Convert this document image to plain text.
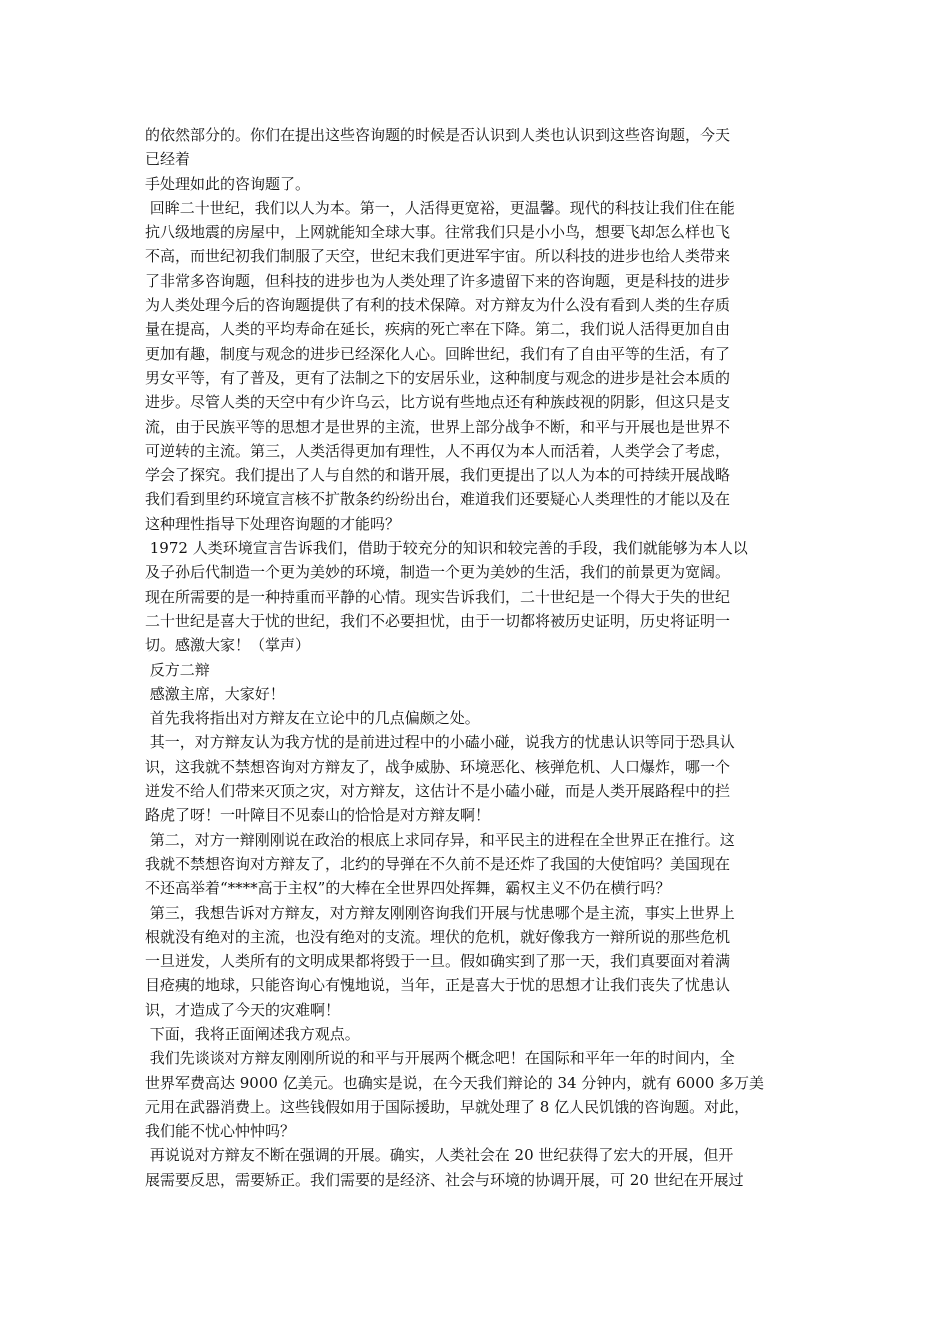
的依然部分的。你们在提出这些咨询题的时候是否认识到人类也认识到这些咨询题，今天
已经着
手处理如此的咨询题了。
回眸二十世纪，我们以人为本。第一，人活得更宽裕，更温馨。现代的科技让我们住在能
抗八级地震的房屋中，上网就能知全球大事。往常我们只是小小鸟，想要飞却怎么样也飞
不高，而世纪初我们制服了天空，世纪末我们更进军宇宙。所以科技的进步也给人类带来
了非常多咨询题，但科技的进步也为人类处理了许多遗留下来的咨询题，更是科技的进步
为人类处理今后的咨询题提供了有利的技术保障。对方辩友为什么没有看到人类的生存质
量在提高，人类的平均寿命在延长，疾病的死亡率在下降。第二，我们说人活得更加自由
更加有趣，制度与观念的进步已经深化人心。回眸世纪，我们有了自由平等的生活，有了
男女平等，有了普及，更有了法制之下的安居乐业，这种制度与观念的进步是社会本质的
进步。尽管人类的天空中有少许乌云，比方说有些地点还有种族歧视的阴影，但这只是支
流，由于民族平等的思想才是世界的主流，世界上部分战争不断，和平与开展也是世界不
可逆转的主流。第三，人类活得更加有理性，人不再仅为本人而活着，人类学会了考虑，
学会了探究。我们提出了人与自然的和谐开展，我们更提出了以人为本的可持续开展战略
我们看到里约环境宣言核不扩散条约纷纷出台，难道我们还要疑心人类理性的才能以及在
这种理性指导下处理咨询题的才能吗？
1972 人类环境宣言告诉我们，借助于较充分的知识和较完善的手段，我们就能够为本人以
及子孙后代制造一个更为美妙的环境，制造一个更为美妙的生活，我们的前景更为宽阔。
现在所需要的是一种持重而平静的心情。现实告诉我们，二十世纪是一个得大于失的世纪
二十世纪是喜大于忧的世纪，我们不必要担忧，由于一切都将被历史证明，历史将证明一
切。感激大家！（掌声）
反方二辩
感激主席，大家好！
首先我将指出对方辩友在立论中的几点偏颇之处。
其一，对方辩友认为我方忧的是前进过程中的小磕小碰，说我方的忧患认识等同于恐具认
识，这我就不禁想咨询对方辩友了，战争威胁、环境恶化、核弹危机、人口爆炸，哪一个
迸发不给人们带来灭顶之灾，对方辩友，这估计不是小磕小碰，而是人类开展路程中的拦
路虎了呀！一叶障目不见泰山的恰恰是对方辩友啊！
第二，对方一辩刚刚说在政治的根底上求同存异，和平民主的进程在全世界正在推行。这
我就不禁想咨询对方辩友了，北约的导弹在不久前不是还炸了我国的大使馆吗？美国现在
不还高举着“****高于主权”的大棒在全世界四处挥舞，霸权主义不仍在横行吗？
第三，我想告诉对方辩友，对方辩友刚刚咨询我们开展与忧患哪个是主流，事实上世界上
根就没有绝对的主流，也没有绝对的支流。埋伏的危机，就好像我方一辩所说的那些危机
一旦迸发，人类所有的文明成果都将毁于一旦。假如确实到了那一天，我们真要面对着满
目疮痍的地球，只能咨询心有愧地说，当年，正是喜大于忧的思想才让我们丧失了忧患认
识，才造成了今天的灾难啊！
下面，我将正面阐述我方观点。
我们先谈谈对方辩友刚刚所说的和平与开展两个概念吧！在国际和平年一年的时间内，全
世界军费高达 9000 亿美元。也确实是说，在今天我们辩论的 34 分钟内，就有 6000 多万美
元用在武器消费上。这些钱假如用于国际援助，早就处理了 8 亿人民饥饿的咨询题。对此，
我们能不忧心忡忡吗？
再说说对方辩友不断在强调的开展。确实，人类社会在 20 世纪获得了宏大的开展，但开
展需要反思，需要矫正。我们需要的是经济、社会与环境的协调开展，可 20 世纪在开展过
